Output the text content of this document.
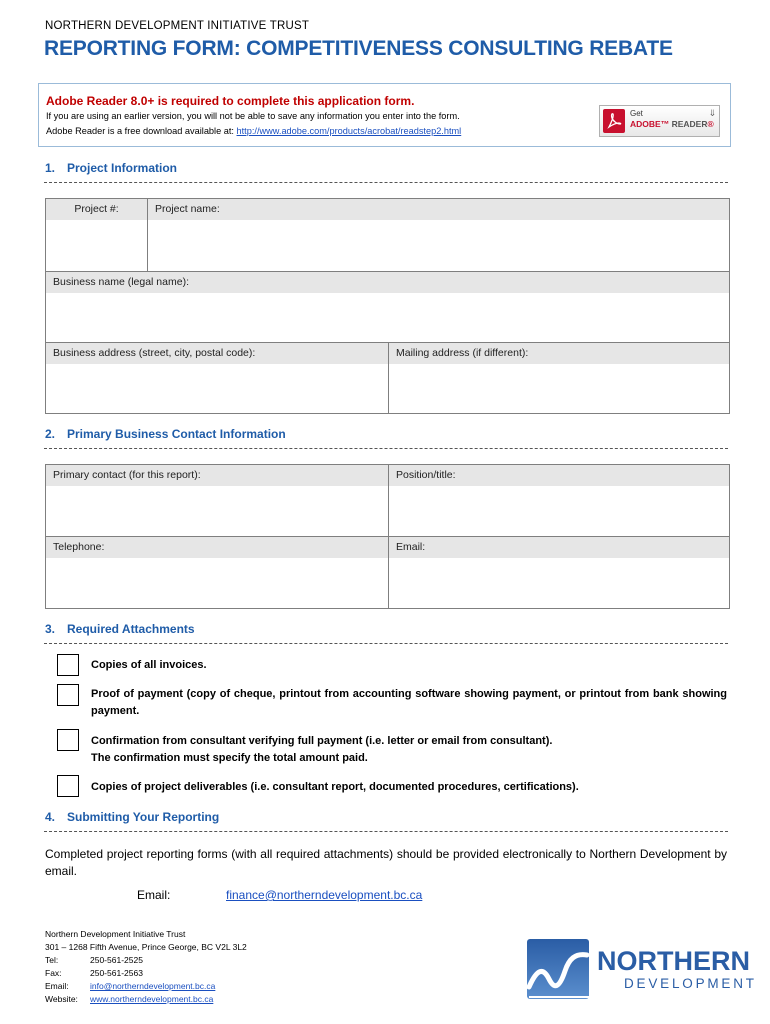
NORTHERN DEVELOPMENT INITIATIVE TRUST
REPORTING FORM: COMPETITIVENESS CONSULTING REBATE
Adobe Reader 8.0+ is required to complete this application form.
If you are using an earlier version, you will not be able to save any information you enter into the form.
Adobe Reader is a free download available at: http://www.adobe.com/products/acrobat/readstep2.html
Get
ADOBE™ READER®
⇓
1. Project Information
Project #:	Project name:
Business name (legal name):
Business address (street, city, postal code):	Mailing address (if different):
2. Primary Business Contact Information
Primary contact (for this report):	Position/title:
Telephone:	Email:
3. Required Attachments
Copies of all invoices.
Proof of payment (copy of cheque, printout from accounting software showing payment, or printout from bank showing payment.
Confirmation from consultant verifying full payment (i.e. letter or email from consultant).
The confirmation must specify the total amount paid.
Copies of project deliverables (i.e. consultant report, documented procedures, certifications).
4. Submitting Your Reporting
Completed project reporting forms (with all required attachments) should be provided electronically to Northern Development by email.
Email:	finance@northerndevelopment.bc.ca
Northern Development Initiative Trust
301 – 1268 Fifth Avenue, Prince George, BC V2L 3L2
Tel:	250-561-2525
Fax:	250-561-2563
Email:	info@northerndevelopment.bc.ca
Website: www.northerndevelopment.bc.ca
NORTHERN
DEVELOPMENT
